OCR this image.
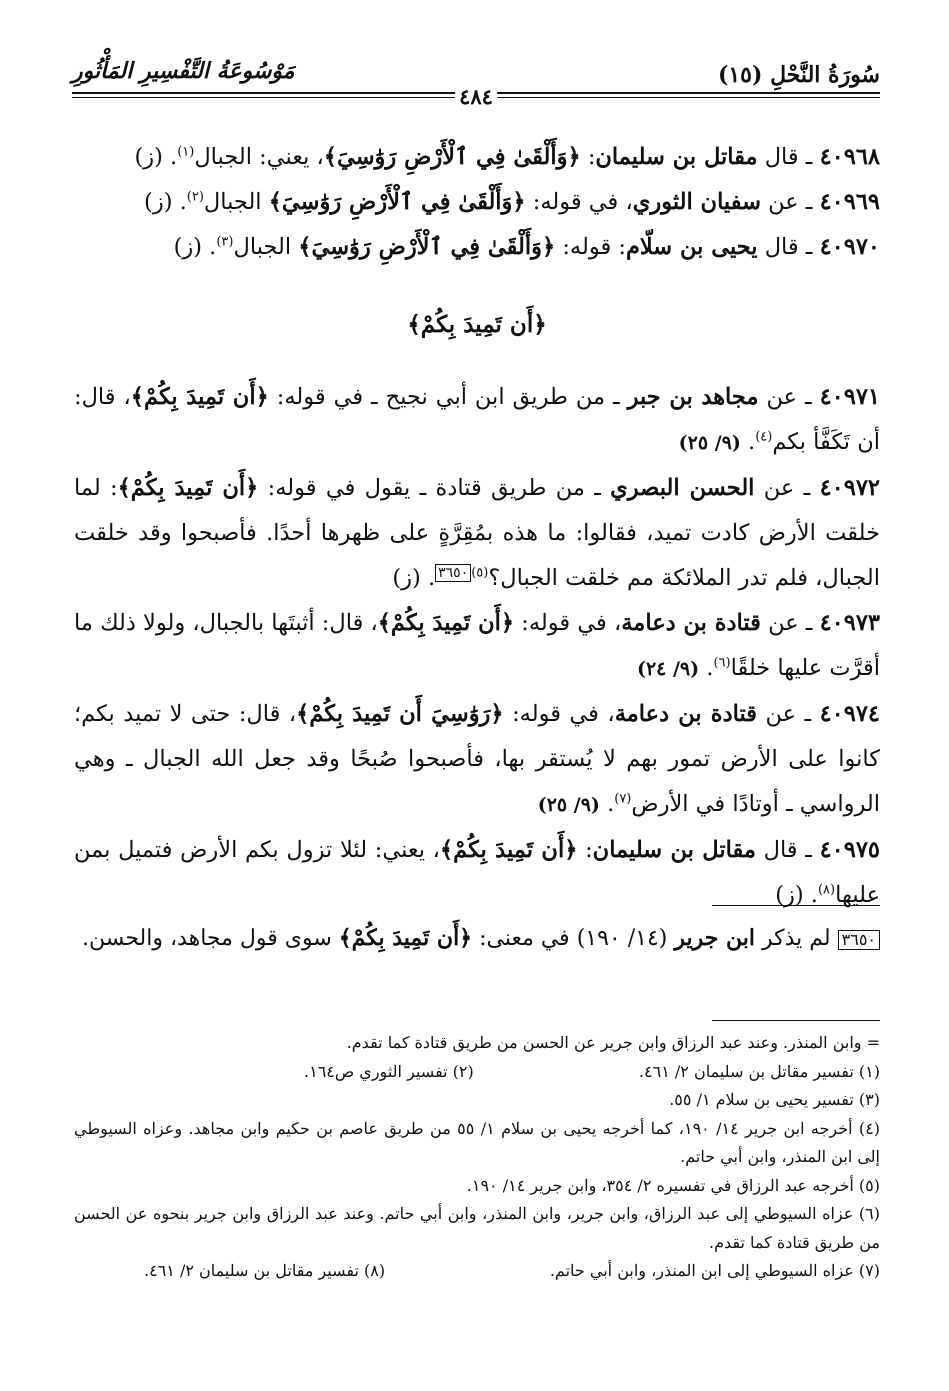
سُورَةُ النَّحْلِ (١٥)
٤٨٤
مَوْسُوعَةُ التَّفْسِيرِ المَأْثُورِ
٤٠٩٦٨ ـ قال مقاتل بن سليمان: ﴿وَأَلْقَىٰ فِي ٱلْأَرْضِ رَوَٰسِيَ﴾، يعني: الجبال$^{(١)}$. (ز)
٤٠٩٦٩ ـ عن سفيان الثوري، في قوله: ﴿وَأَلْقَىٰ فِي ٱلْأَرْضِ رَوَٰسِيَ﴾ الجبال$^{(٢)}$. (ز)
٤٠٩٧٠ ـ قال يحيى بن سلّام: قوله: ﴿وَأَلْقَىٰ فِي ٱلْأَرْضِ رَوَٰسِيَ﴾ الجبال$^{(٣)}$. (ز)
﴿أَن تَمِيدَ بِكُمْ﴾
٤٠٩٧١ ـ عن مجاهد بن جبر ـ من طريق ابن أبي نجيح ـ في قوله: ﴿أَن تَمِيدَ بِكُمْ﴾، قال: أن تَكَفَّأ بكم$^{(٤)}$. (٩/ ٢٥)
٤٠٩٧٢ ـ عن الحسن البصري ـ من طريق قتادة ـ يقول في قوله: ﴿أَن تَمِيدَ بِكُمْ﴾: لما خلقت الأرض كادت تميد، فقالوا: ما هذه بمُقِرَّةٍ على ظهرها أحدًا. فأصبحوا وقد خلقت الجبال، فلم تدر الملائكة مم خلقت الجبال؟$^{(٥)}$٣٦٥٠. (ز)
٤٠٩٧٣ ـ عن قتادة بن دعامة، في قوله: ﴿أَن تَمِيدَ بِكُمْ﴾، قال: أثبتَها بالجبال، ولولا ذلك ما أقرَّت عليها خلقًا$^{(٦)}$. (٩/ ٢٤)
٤٠٩٧٤ ـ عن قتادة بن دعامة، في قوله: ﴿رَوَٰسِيَ أَن تَمِيدَ بِكُمْ﴾، قال: حتى لا تميد بكم؛ كانوا على الأرض تمور بهم لا يُستقر بها، فأصبحوا صُبحًا وقد جعل الله الجبال ـ وهي الرواسي ـ أوتادًا في الأرض$^{(٧)}$. (٩/ ٢٥)
٤٠٩٧٥ ـ قال مقاتل بن سليمان: ﴿أَن تَمِيدَ بِكُمْ﴾، يعني: لئلا تزول بكم الأرض فتميل بمن عليها$^{(٨)}$. (ز)
٣٦٥٠ لم يذكر ابن جرير (١٤/ ١٩٠) في معنى: ﴿أَن تَمِيدَ بِكُمْ﴾ سوى قول مجاهد، والحسن.
= وابن المنذر. وعند عبد الرزاق وابن جرير عن الحسن من طريق قتادة كما تقدم.
(١) تفسير مقاتل بن سليمان ٢/ ٤٦١.
(٢) تفسير الثوري ص١٦٤.
(٣) تفسير يحيى بن سلام ١/ ٥٥.
(٤) أخرجه ابن جرير ١٤/ ١٩٠، كما أخرجه يحيى بن سلام ١/ ٥٥ من طريق عاصم بن حكيم وابن مجاهد. وعزاه السيوطي إلى ابن المنذر، وابن أبي حاتم.
(٥) أخرجه عبد الرزاق في تفسيره ٢/ ٣٥٤، وابن جرير ١٤/ ١٩٠.
(٦) عزاه السيوطي إلى عبد الرزاق، وابن جرير، وابن المنذر، وابن أبي حاتم. وعند عبد الرزاق وابن جرير بنحوه عن الحسن من طريق قتادة كما تقدم.
(٧) عزاه السيوطي إلى ابن المنذر، وابن أبي حاتم.
(٨) تفسير مقاتل بن سليمان ٢/ ٤٦١.
